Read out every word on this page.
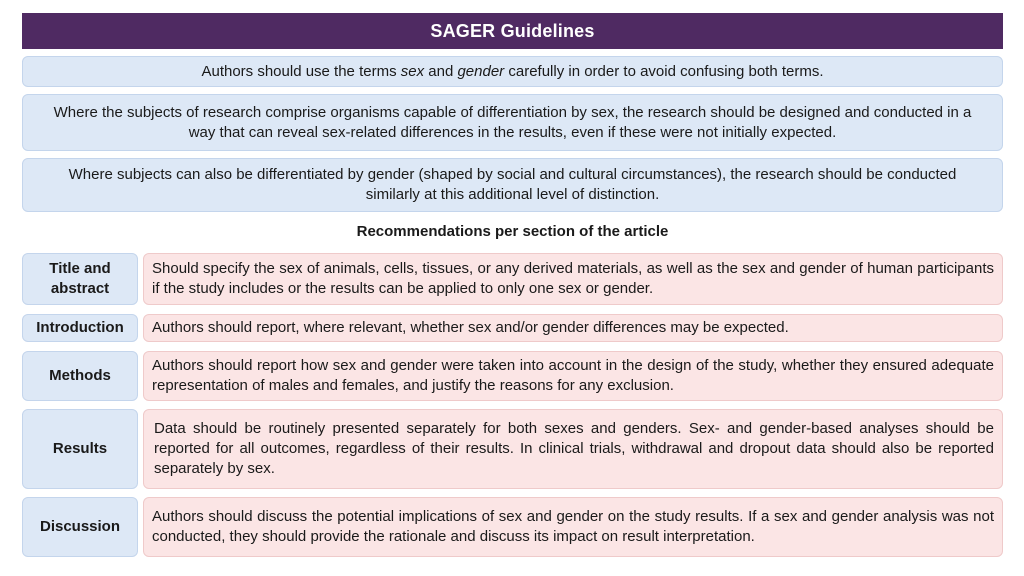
SAGER Guidelines

Authors should use the terms sex and gender carefully in order to avoid confusing both terms.

Where the subjects of research comprise organisms capable of differentiation by sex, the research should be designed and conducted in a way that can reveal sex-related differences in the results, even if these were not initially expected.

Where subjects can also be differentiated by gender (shaped by social and cultural circumstances), the research should be conducted similarly at this additional level of distinction.

Recommendations per section of the article
Title and abstract

Should specify the sex of animals, cells, tissues, or any derived materials, as well as the sex and gender of human participants if the study includes or the results can be applied to only one sex or gender.

Introduction	Authors should report, where relevant, whether sex and/or gender differences may be expected.

Methods

Authors should report how sex and gender were taken into account in the design of the study, whether they ensured adequate representation of males and females, and justify the reasons for any exclusion.

Results

Data should be routinely presented separately for both sexes and genders. Sex- and gender-based analyses should be reported for all outcomes, regardless of their results. In clinical trials, withdrawal and dropout data should also be reported separately by sex.

Discussion

Authors should discuss the potential implications of sex and gender on the study results. If a sex and gender analysis was not conducted, they should provide the rationale and discuss its impact on result interpretation.
